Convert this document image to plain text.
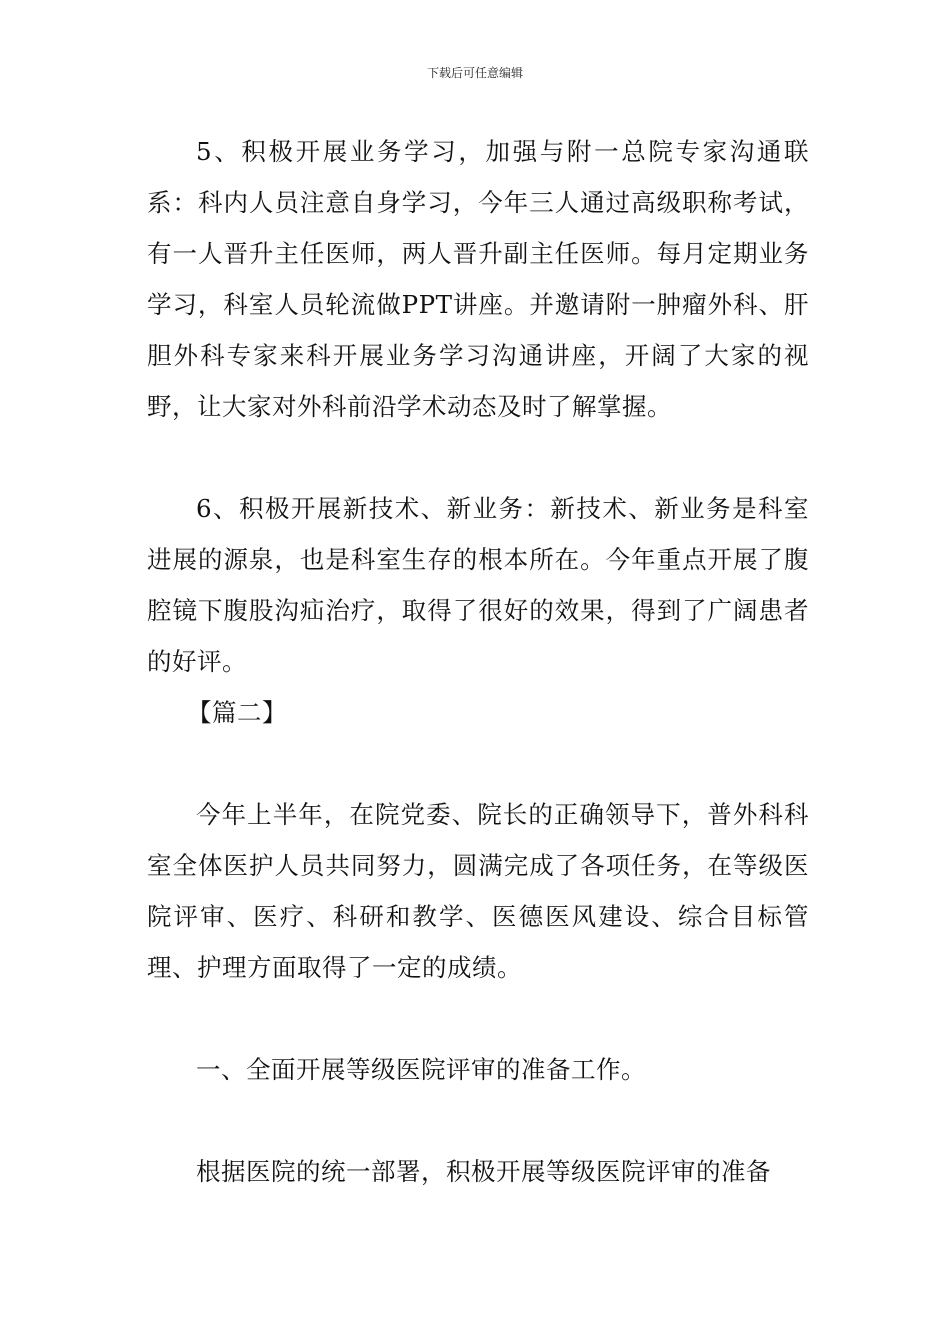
下载后可任意编辑

5、积极开展业务学习，加强与附一总院专家沟通联系：科内人员注意自身学习，今年三人通过高级职称考试，有一人晋升主任医师，两人晋升副主任医师。每月定期业务学习，科室人员轮流做PPT讲座。并邀请附一肿瘤外科、肝胆外科专家来科开展业务学习沟通讲座，开阔了大家的视野，让大家对外科前沿学术动态及时了解掌握。

6、积极开展新技术、新业务：新技术、新业务是科室进展的源泉，也是科室生存的根本所在。今年重点开展了腹腔镜下腹股沟疝治疗，取得了很好的效果，得到了广阔患者的好评。

【篇二】

今年上半年，在院党委、院长的正确领导下，普外科科室全体医护人员共同努力，圆满完成了各项任务，在等级医院评审、医疗、科研和教学、医德医风建设、综合目标管理、护理方面取得了一定的成绩。

一、全面开展等级医院评审的准备工作。

根据医院的统一部署，积极开展等级医院评审的准备
